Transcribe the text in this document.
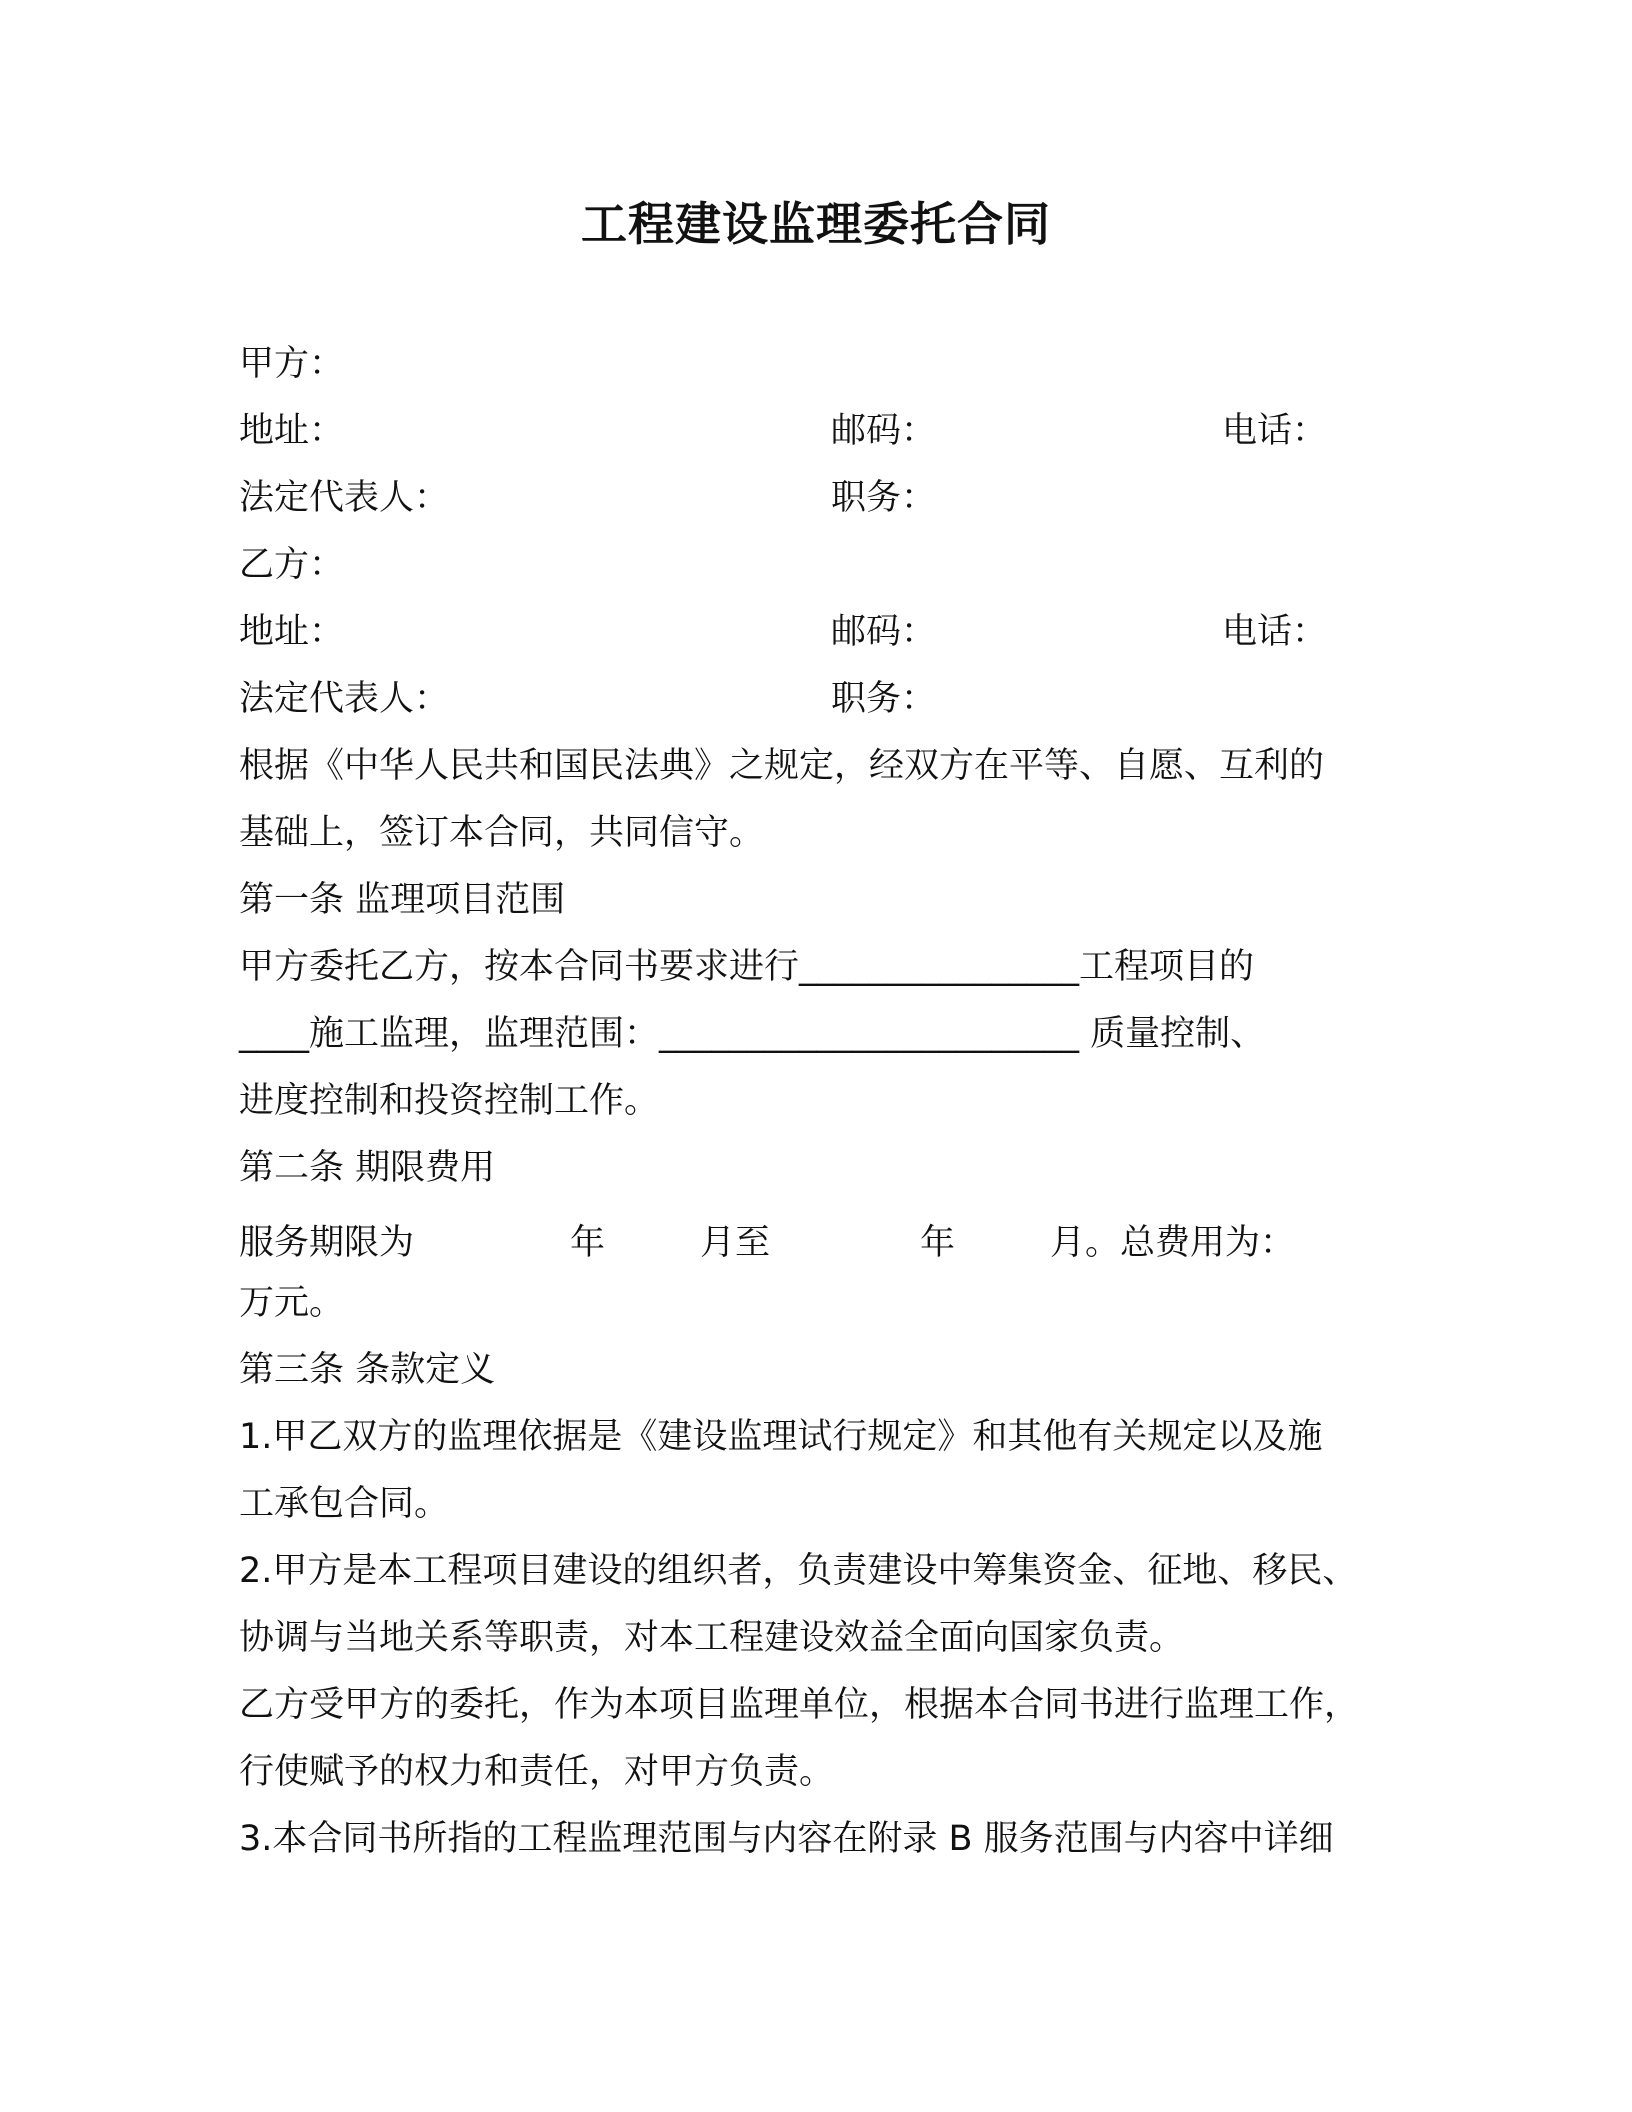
工程建设监理委托合同
甲方：
地址：	邮码：	电话：
法定代表人：	职务：
乙方：
地址：	邮码：	电话：
法定代表人：	职务：
根据《中华人民共和国民法典》之规定，经双方在平等、自愿、互利的
基础上，签订本合同，共同信守。
第一条 监理项目范围
甲方委托乙方，按本合同书要求进行________________工程项目的
____施工监理，监理范围：________________________ 质量控制、
进度控制和投资控制工作。
第二条 期限费用
服务期限为	年	月至	年	月。总费用为：
万元。
第三条 条款定义
1.甲乙双方的监理依据是《建设监理试行规定》和其他有关规定以及施
工承包合同。
2.甲方是本工程项目建设的组织者，负责建设中筹集资金、征地、移民、
协调与当地关系等职责，对本工程建设效益全面向国家负责。
乙方受甲方的委托，作为本项目监理单位，根据本合同书进行监理工作，
行使赋予的权力和责任，对甲方负责。
3.本合同书所指的工程监理范围与内容在附录 B 服务范围与内容中详细
